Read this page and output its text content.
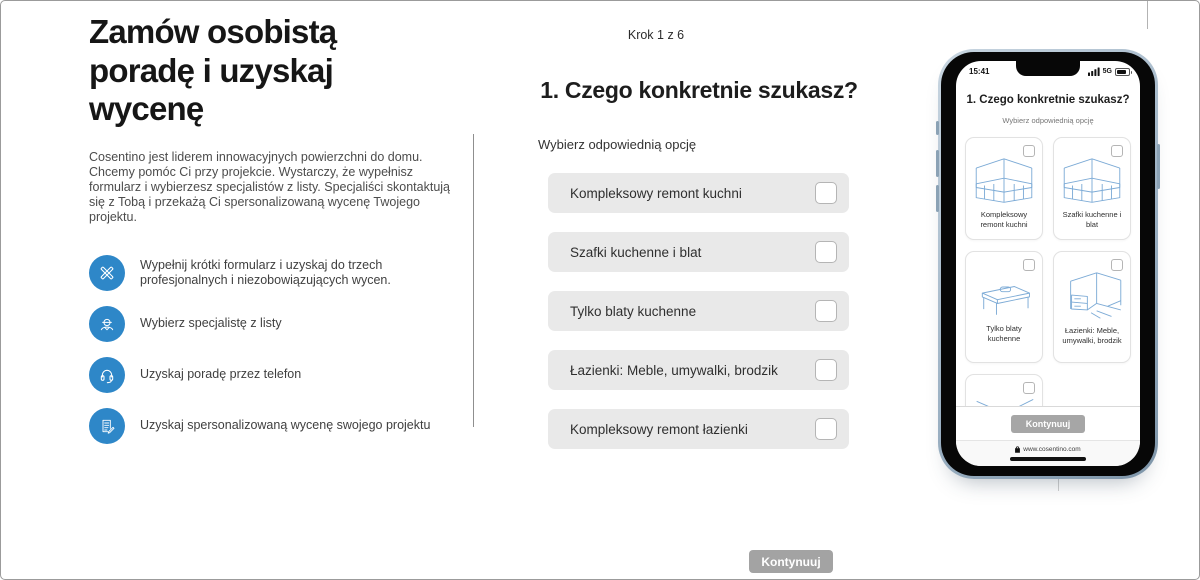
Zamów osobistą poradę i uzyskaj wycenę

Cosentino jest liderem innowacyjnych powierzchni do domu. Chcemy pomóc Ci przy projekcie. Wystarczy, że wypełnisz formularz i wybierzesz specjalistów z listy. Specjaliści skontaktują się z Tobą i przekażą Ci spersonalizowaną wycenę Twojego projektu.

Wypełnij krótki formularz i uzyskaj do trzech profesjonalnych i niezobowiązujących wycen.
Wybierz specjalistę z listy
Uzyskaj poradę przez telefon
Uzyskaj spersonalizowaną wycenę swojego projektu
Krok 1 z 6
1. Czego konkretnie szukasz?
Wybierz odpowiednią opcję
Kompleksowy remont kuchni
Szafki kuchenne i blat
Tylko blaty kuchenne
Łazienki: Meble, umywalki, brodzik
Kompleksowy remont łazienki
Kontynuuj
15:41	5G
1. Czego konkretnie szukasz?
Wybierz odpowiednią opcję
Kompleksowy remont kuchni
Szafki kuchenne i blat
Tylko blaty kuchenne
Łazienki: Meble, umywalki, brodzik
Kontynuuj
www.cosentino.com
